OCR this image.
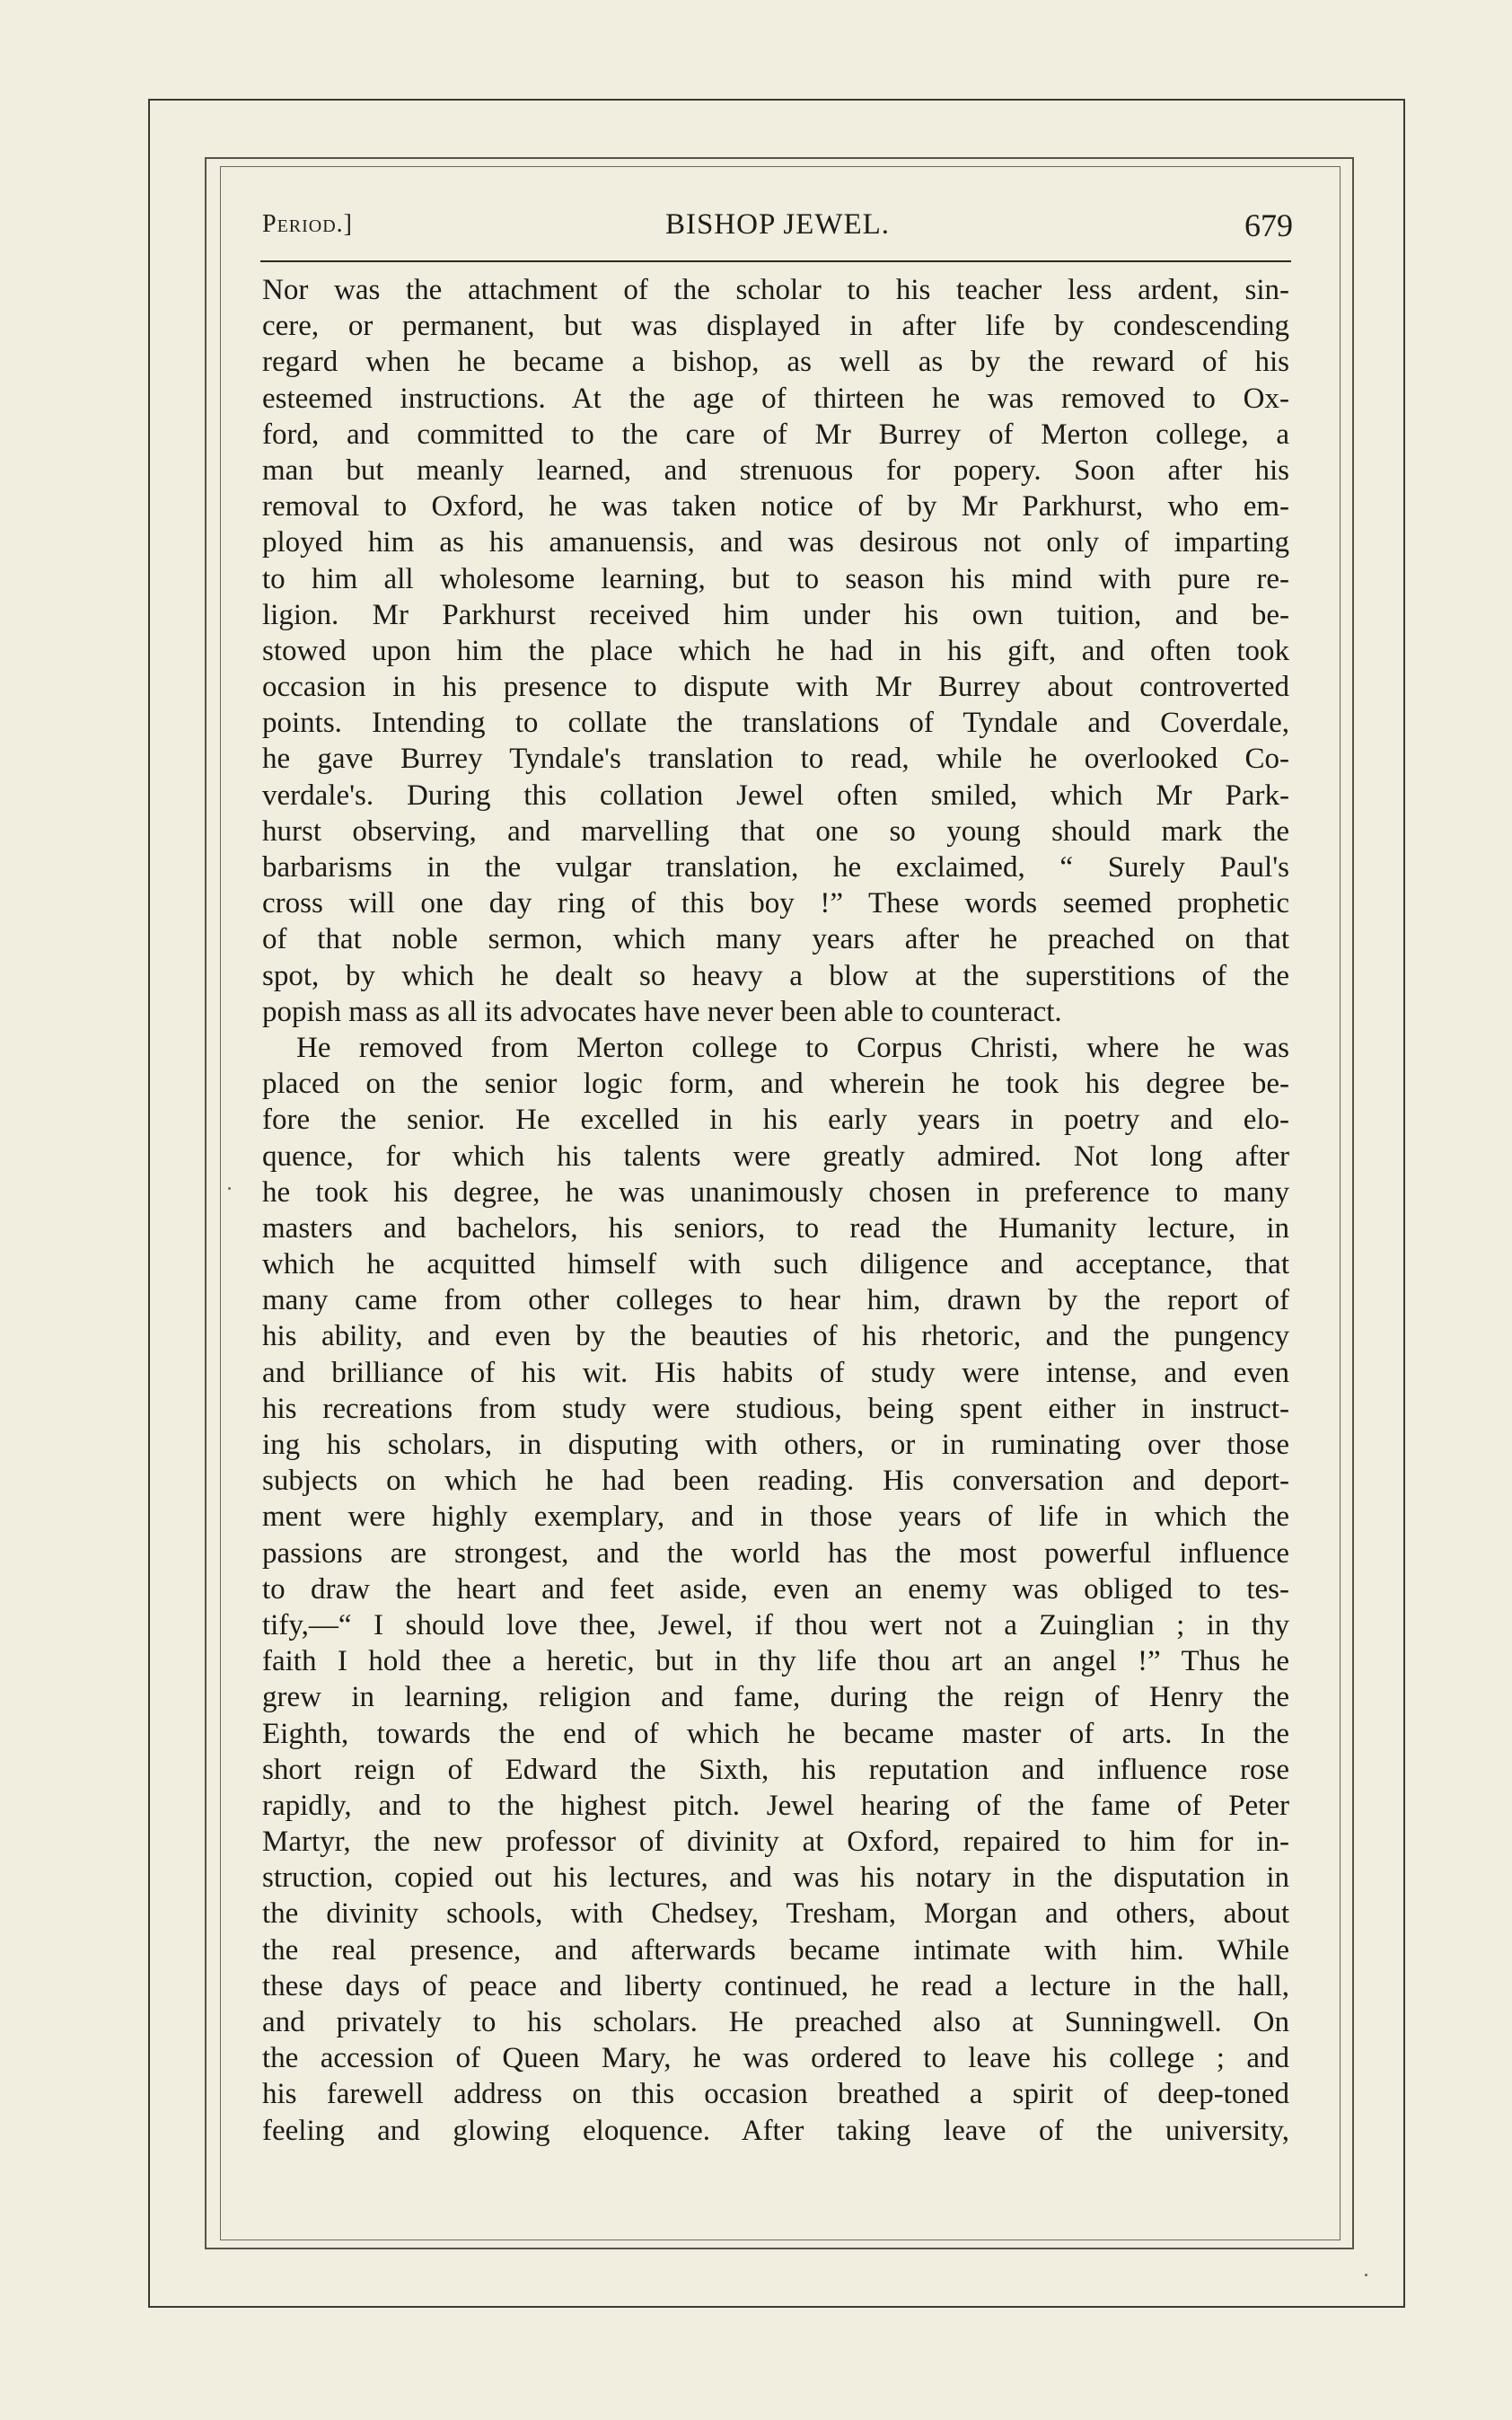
Period.]	BISHOP JEWEL.	679
Nor was the attachment of the scholar to his teacher less ardent, sin-
cere, or permanent, but was displayed in after life by condescending
regard when he became a bishop, as well as by the reward of his
esteemed instructions. At the age of thirteen he was removed to Ox-
ford, and committed to the care of Mr Burrey of Merton college, a
man but meanly learned, and strenuous for popery. Soon after his
removal to Oxford, he was taken notice of by Mr Parkhurst, who em-
ployed him as his amanuensis, and was desirous not only of imparting
to him all wholesome learning, but to season his mind with pure re-
ligion. Mr Parkhurst received him under his own tuition, and be-
stowed upon him the place which he had in his gift, and often took
occasion in his presence to dispute with Mr Burrey about controverted
points. Intending to collate the translations of Tyndale and Coverdale,
he gave Burrey Tyndale's translation to read, while he overlooked Co-
verdale's. During this collation Jewel often smiled, which Mr Park-
hurst observing, and marvelling that one so young should mark the
barbarisms in the vulgar translation, he exclaimed, “ Surely Paul's
cross will one day ring of this boy !” These words seemed prophetic
of that noble sermon, which many years after he preached on that
spot, by which he dealt so heavy a blow at the superstitions of the
popish mass as all its advocates have never been able to counteract.
He removed from Merton college to Corpus Christi, where he was
placed on the senior logic form, and wherein he took his degree be-
fore the senior. He excelled in his early years in poetry and elo-
quence, for which his talents were greatly admired. Not long after
he took his degree, he was unanimously chosen in preference to many
masters and bachelors, his seniors, to read the Humanity lecture, in
which he acquitted himself with such diligence and acceptance, that
many came from other colleges to hear him, drawn by the report of
his ability, and even by the beauties of his rhetoric, and the pungency
and brilliance of his wit. His habits of study were intense, and even
his recreations from study were studious, being spent either in instruct-
ing his scholars, in disputing with others, or in ruminating over those
subjects on which he had been reading. His conversation and deport-
ment were highly exemplary, and in those years of life in which the
passions are strongest, and the world has the most powerful influence
to draw the heart and feet aside, even an enemy was obliged to tes-
tify,—“ I should love thee, Jewel, if thou wert not a Zuinglian ; in thy
faith I hold thee a heretic, but in thy life thou art an angel !” Thus he
grew in learning, religion and fame, during the reign of Henry the
Eighth, towards the end of which he became master of arts. In the
short reign of Edward the Sixth, his reputation and influence rose
rapidly, and to the highest pitch. Jewel hearing of the fame of Peter
Martyr, the new professor of divinity at Oxford, repaired to him for in-
struction, copied out his lectures, and was his notary in the disputation in
the divinity schools, with Chedsey, Tresham, Morgan and others, about
the real presence, and afterwards became intimate with him. While
these days of peace and liberty continued, he read a lecture in the hall,
and privately to his scholars. He preached also at Sunningwell. On
the accession of Queen Mary, he was ordered to leave his college ; and
his farewell address on this occasion breathed a spirit of deep-toned
feeling and glowing eloquence. After taking leave of the university,
